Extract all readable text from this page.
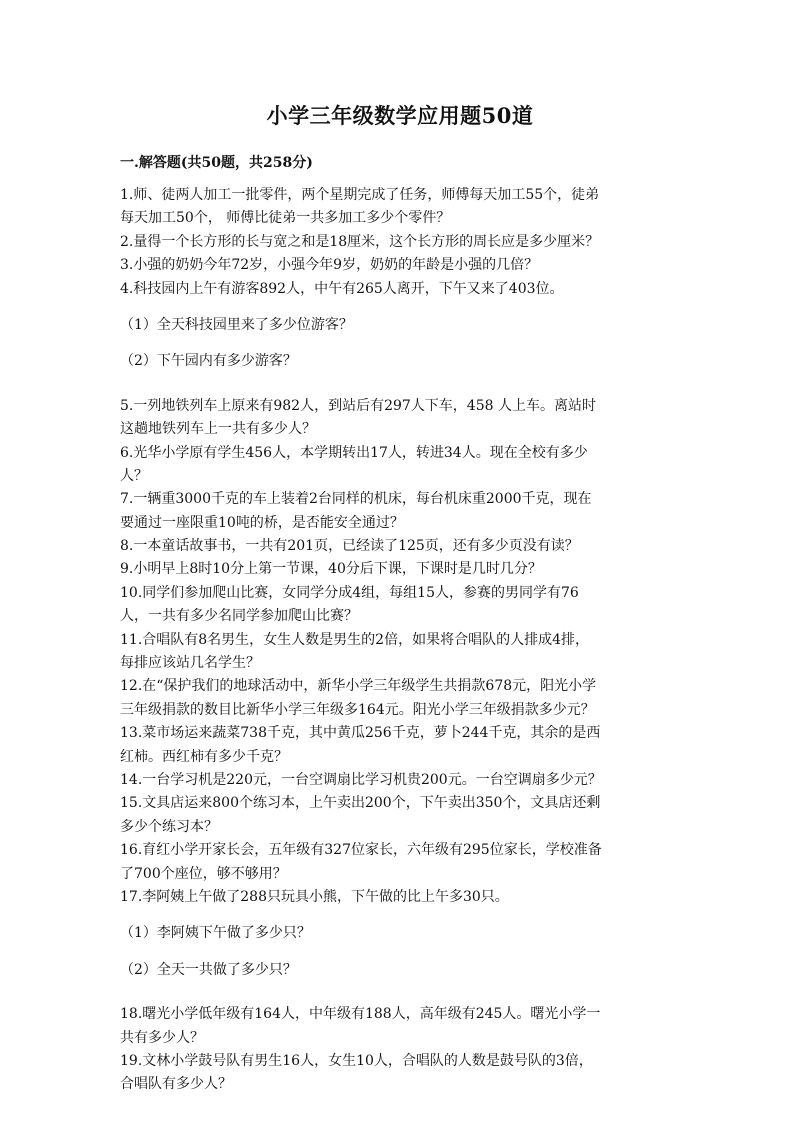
小学三年级数学应用题50道
一.解答题(共50题，共258分)
1.师、徒两人加工一批零件，两个星期完成了任务，师傅每天加工55个，徒弟
每天加工50个， 师傅比徒弟一共多加工多少个零件？
2.量得一个长方形的长与宽之和是18厘米，这个长方形的周长应是多少厘米？
3.小强的奶奶今年72岁，小强今年9岁，奶奶的年龄是小强的几倍？
4.科技园内上午有游客892人，中午有265人离开，下午又来了403位。
（1）全天科技园里来了多少位游客？
（2）下午园内有多少游客？
5.一列地铁列车上原来有982人，到站后有297人下车，458 人上车。离站时
这趟地铁列车上一共有多少人？
6.光华小学原有学生456人，本学期转出17人，转进34人。现在全校有多少
人？
7.一辆重3000千克的车上装着2台同样的机床，每台机床重2000千克，现在
要通过一座限重10吨的桥，是否能安全通过？
8.一本童话故事书，一共有201页，已经读了125页，还有多少页没有读？
9.小明早上8时10分上第一节课，40分后下课，下课时是几时几分？
10.同学们参加爬山比赛，女同学分成4组，每组15人，参赛的男同学有76
人，一共有多少名同学参加爬山比赛？
11.合唱队有8名男生，女生人数是男生的2倍，如果将合唱队的人排成4排，
每排应该站几名学生？
12.在“保护我们的地球活动中，新华小学三年级学生共捐款678元，阳光小学
三年级捐款的数目比新华小学三年级多164元。阳光小学三年级捐款多少元？
13.菜市场运来蔬菜738千克，其中黄瓜256千克，萝卜244千克，其余的是西
红柿。西红柿有多少千克？
14.一台学习机是220元，一台空调扇比学习机贵200元。一台空调扇多少元？
15.文具店运来800个练习本，上午卖出200个，下午卖出350个，文具店还剩
多少个练习本？
16.育红小学开家长会，五年级有327位家长，六年级有295位家长，学校准备
了700个座位，够不够用？
17.李阿姨上午做了288只玩具小熊，下午做的比上午多30只。
（1）李阿姨下午做了多少只？
（2）全天一共做了多少只？
18.曙光小学低年级有164人，中年级有188人，高年级有245人。曙光小学一
共有多少人？
19.文林小学鼓号队有男生16人，女生10人，合唱队的人数是鼓号队的3倍，
合唱队有多少人？
